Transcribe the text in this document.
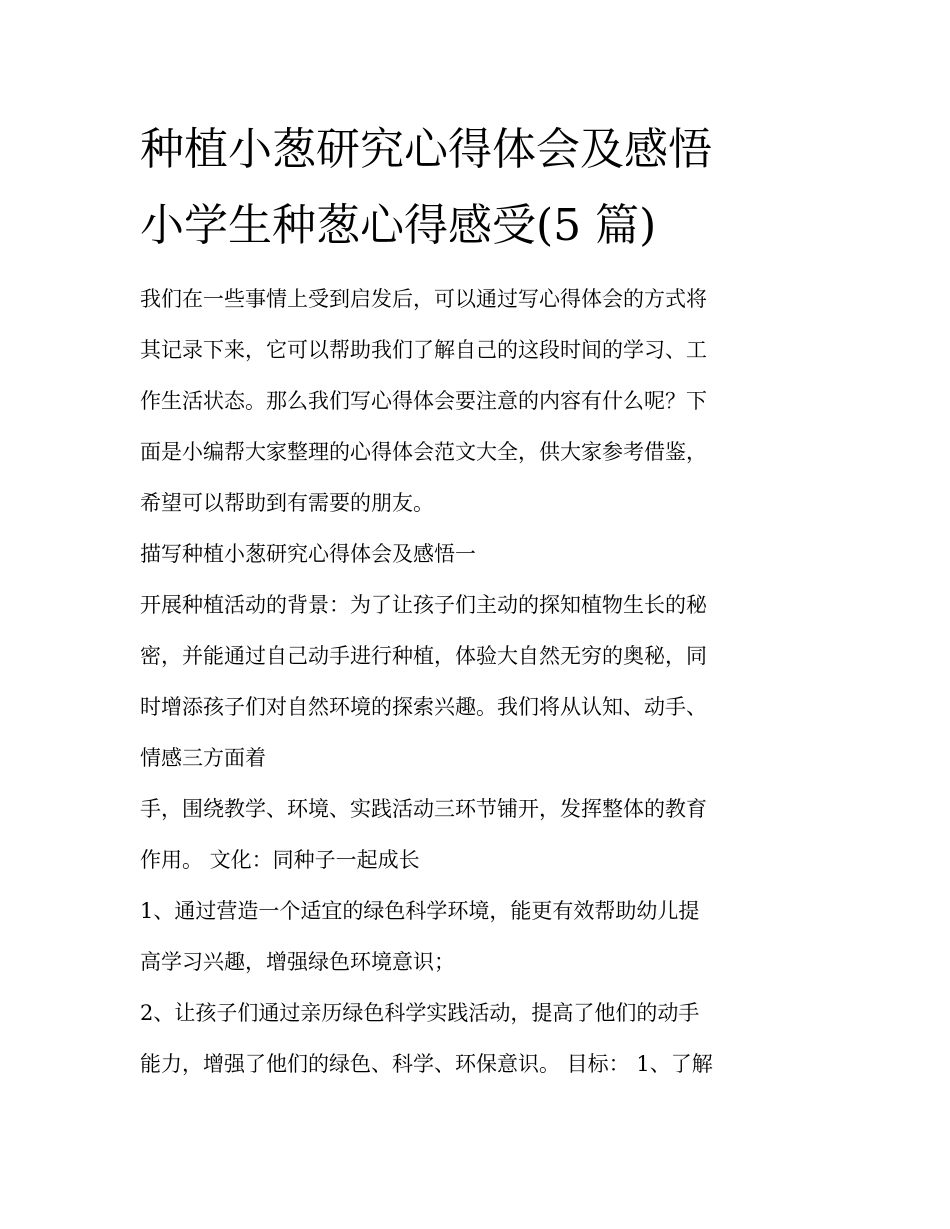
种植小葱研究心得体会及感悟
小学生种葱心得感受(5 篇)
我们在一些事情上受到启发后，可以通过写心得体会的方式将
其记录下来，它可以帮助我们了解自己的这段时间的学习、工
作生活状态。那么我们写心得体会要注意的内容有什么呢？下
面是小编帮大家整理的心得体会范文大全，供大家参考借鉴，
希望可以帮助到有需要的朋友。
描写种植小葱研究心得体会及感悟一
开展种植活动的背景：为了让孩子们主动的探知植物生长的秘
密，并能通过自己动手进行种植，体验大自然无穷的奥秘，同
时增添孩子们对自然环境的探索兴趣。我们将从认知、动手、
情感三方面着
手，围绕教学、环境、实践活动三环节铺开，发挥整体的教育
作用。 文化：同种子一起成长
1、通过营造一个适宜的绿色科学环境，能更有效帮助幼儿提
高学习兴趣，增强绿色环境意识；
2、让孩子们通过亲历绿色科学实践活动，提高了他们的动手
能力，增强了他们的绿色、科学、环保意识。 目标： 1、了解
